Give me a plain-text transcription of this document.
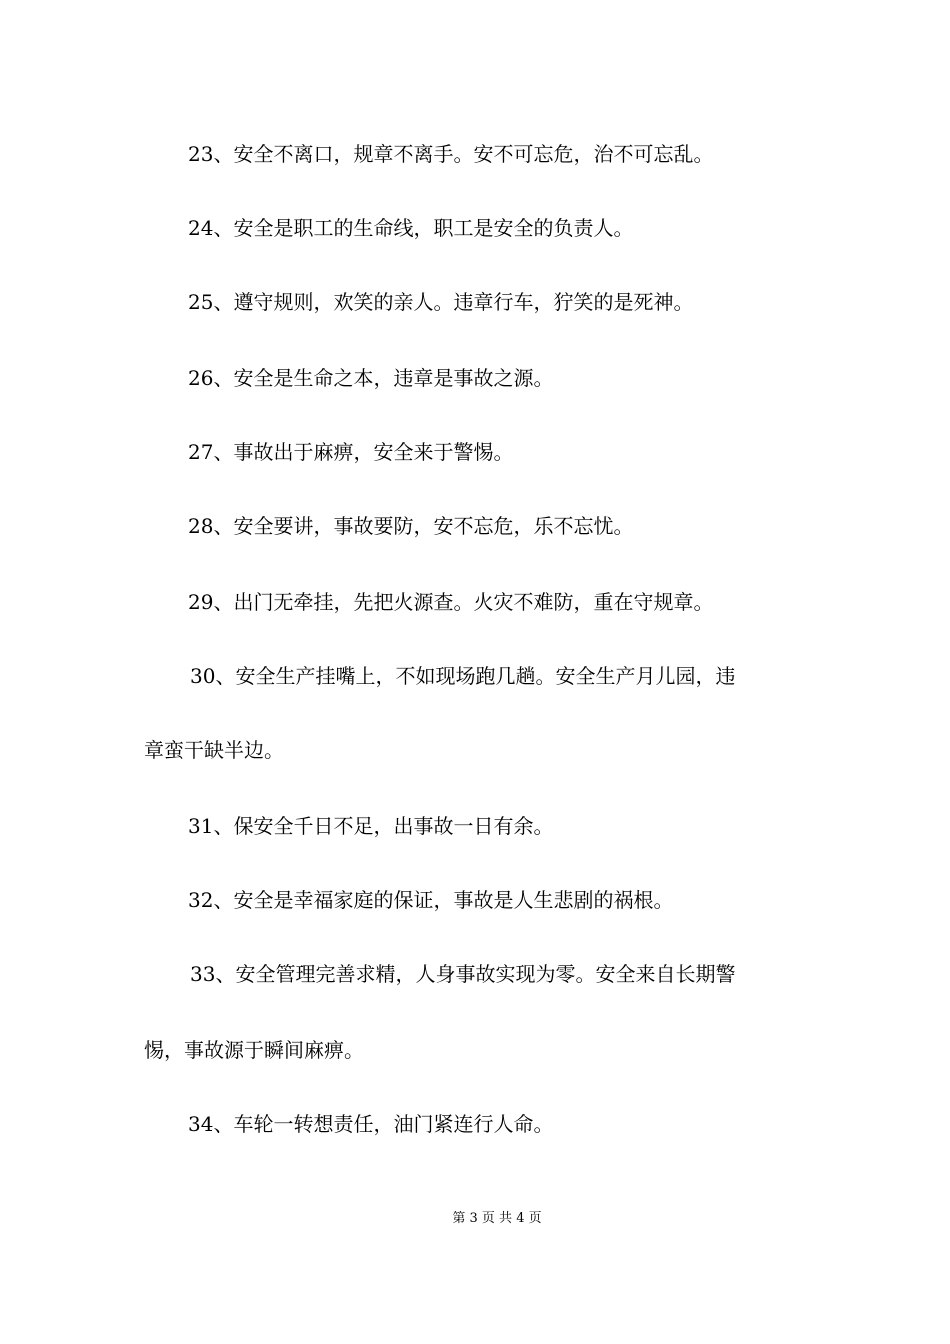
23、安全不离口，规章不离手。安不可忘危，治不可忘乱。
24、安全是职工的生命线，职工是安全的负责人。
25、遵守规则，欢笑的亲人。违章行车，狞笑的是死神。
26、安全是生命之本，违章是事故之源。
27、事故出于麻痹，安全来于警惕。
28、安全要讲，事故要防，安不忘危，乐不忘忧。
29、出门无牵挂，先把火源查。火灾不难防，重在守规章。
30、安全生产挂嘴上，不如现场跑几趟。安全生产月儿园，违
章蛮干缺半边。
31、保安全千日不足，出事故一日有余。
32、安全是幸福家庭的保证，事故是人生悲剧的祸根。
33、安全管理完善求精，人身事故实现为零。安全来自长期警
惕，事故源于瞬间麻痹。
34、车轮一转想责任，油门紧连行人命。
第 3 页 共 4 页
